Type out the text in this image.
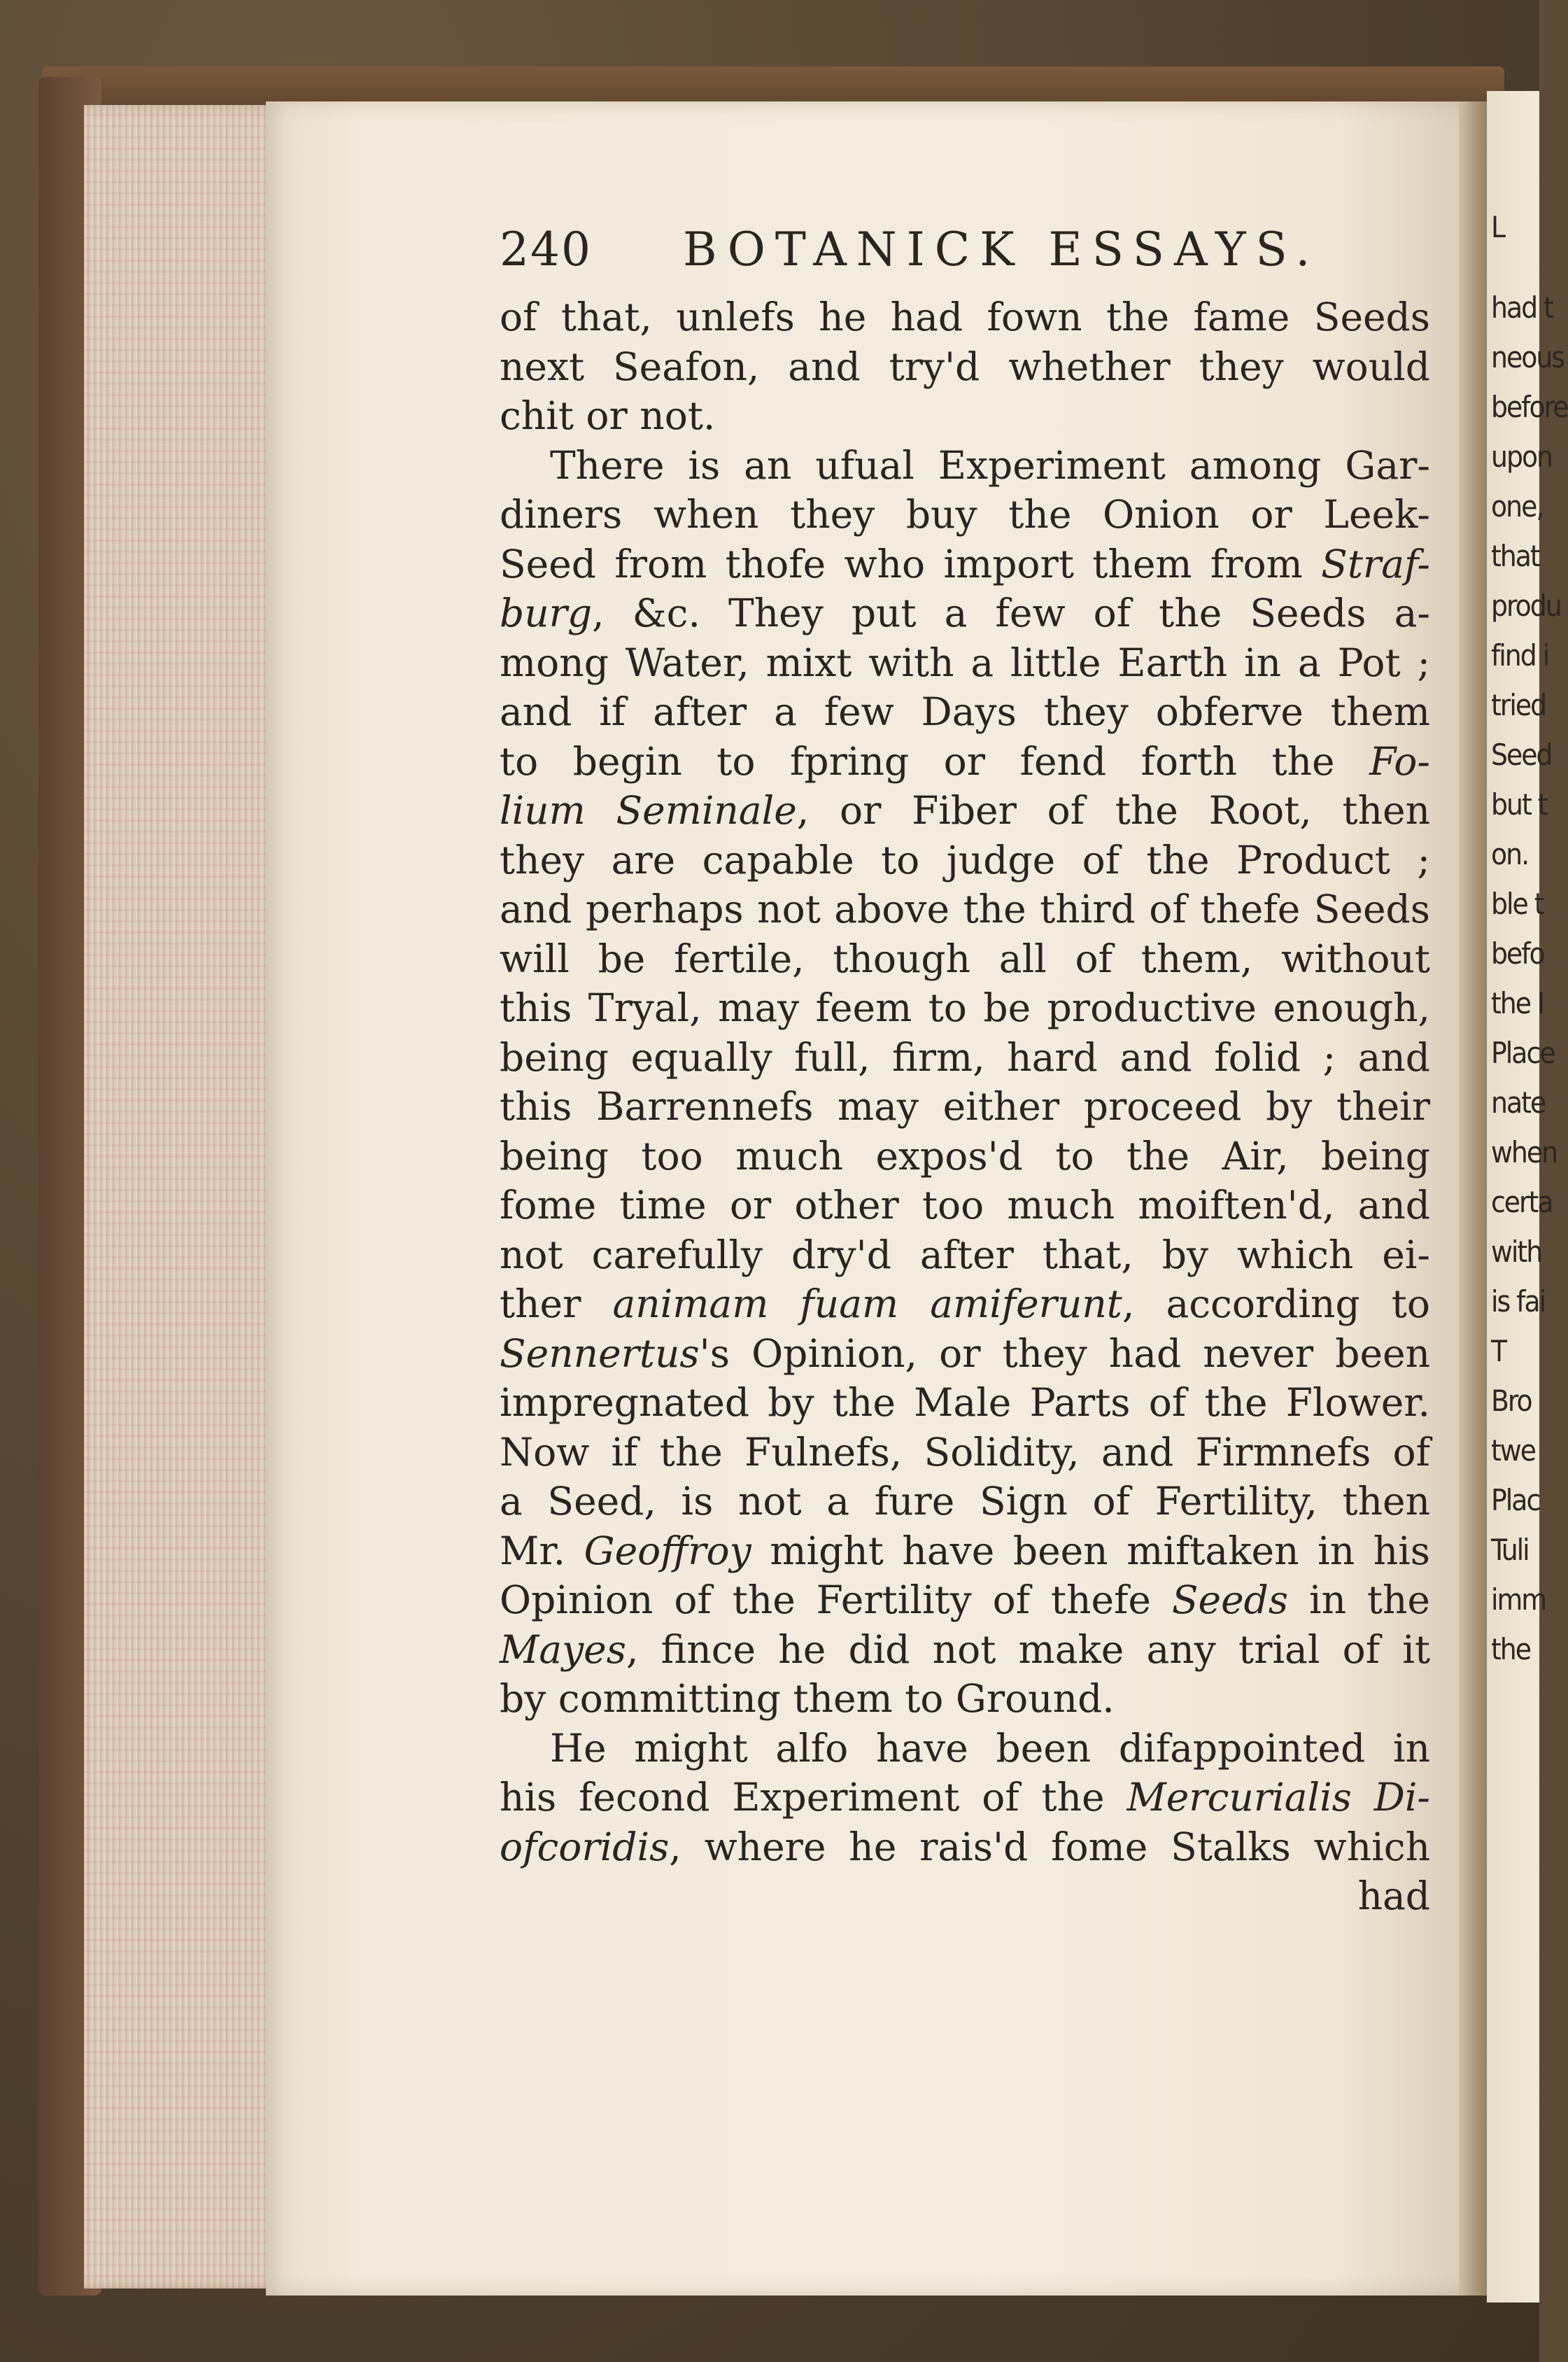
L
had t
neous
before
upon
one,
that
produ
find i
tried
Seed
but t
on.
ble t
befo
the I
Place
nate
when
certa
with
is fai
T
Bro
twe
Plac
Tuli
imm
the
240 BOTANICK ESSAYS.
of that, unlefs he had fown the fame Seeds
next Seafon, and try'd whether they would
chit or not.
There is an ufual Experiment among Gar-
diners when they buy the Onion or Leek-
Seed from thofe who import them from Straf-
burg, &c. They put a few of the Seeds a-
mong Water, mixt with a little Earth in a Pot ;
and if after a few Days they obferve them
to begin to fpring or fend forth the Fo-
lium Seminale, or Fiber of the Root, then
they are capable to judge of the Product ;
and perhaps not above the third of thefe Seeds
will be fertile, though all of them, without
this Tryal, may feem to be productive enough,
being equally full, firm, hard and folid ; and
this Barrennefs may either proceed by their
being too much expos'd to the Air, being
fome time or other too much moiften'd, and
not carefully dry'd after that, by which ei-
ther animam fuam amiferunt, according to
Sennertus's Opinion, or they had never been
impregnated by the Male Parts of the Flower.
Now if the Fulnefs, Solidity, and Firmnefs of
a Seed, is not a fure Sign of Fertility, then
Mr. Geoffroy might have been miftaken in his
Opinion of the Fertility of thefe Seeds in the
Mayes, fince he did not make any trial of it
by committing them to Ground.
He might alfo have been difappointed in
his fecond Experiment of the Mercurialis Di-
ofcoridis, where he rais'd fome Stalks which
had
